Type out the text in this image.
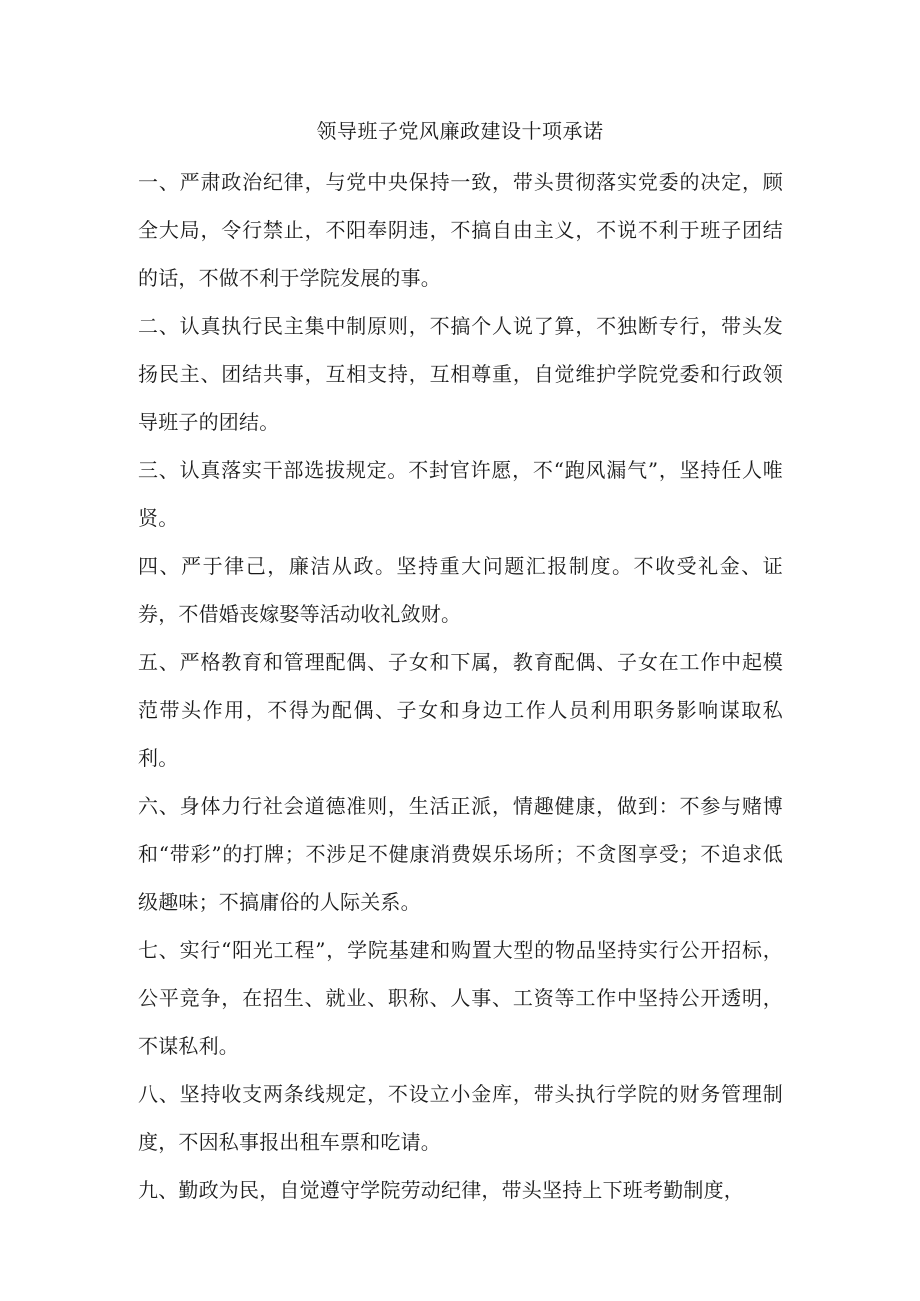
领导班子党风廉政建设十项承诺

一、严肃政治纪律，与党中央保持一致，带头贯彻落实党委的决定，顾全大局，令行禁止，不阳奉阴违，不搞自由主义，不说不利于班子团结的话，不做不利于学院发展的事。

二、认真执行民主集中制原则，不搞个人说了算，不独断专行，带头发扬民主、团结共事，互相支持，互相尊重，自觉维护学院党委和行政领导班子的团结。

三、认真落实干部选拔规定。不封官许愿，不“跑风漏气”，坚持任人唯贤。

四、严于律己，廉洁从政。坚持重大问题汇报制度。不收受礼金、证券，不借婚丧嫁娶等活动收礼敛财。

五、严格教育和管理配偶、子女和下属，教育配偶、子女在工作中起模范带头作用，不得为配偶、子女和身边工作人员利用职务影响谋取私利。

六、身体力行社会道德准则，生活正派，情趣健康，做到：不参与赌博和“带彩”的打牌；不涉足不健康消费娱乐场所；不贪图享受；不追求低级趣味；不搞庸俗的人际关系。

七、实行“阳光工程”，学院基建和购置大型的物品坚持实行公开招标，公平竞争，在招生、就业、职称、人事、工资等工作中坚持公开透明，不谋私利。

八、坚持收支两条线规定，不设立小金库，带头执行学院的财务管理制度，不因私事报出租车票和吃请。

九、勤政为民，自觉遵守学院劳动纪律，带头坚持上下班考勤制度，
